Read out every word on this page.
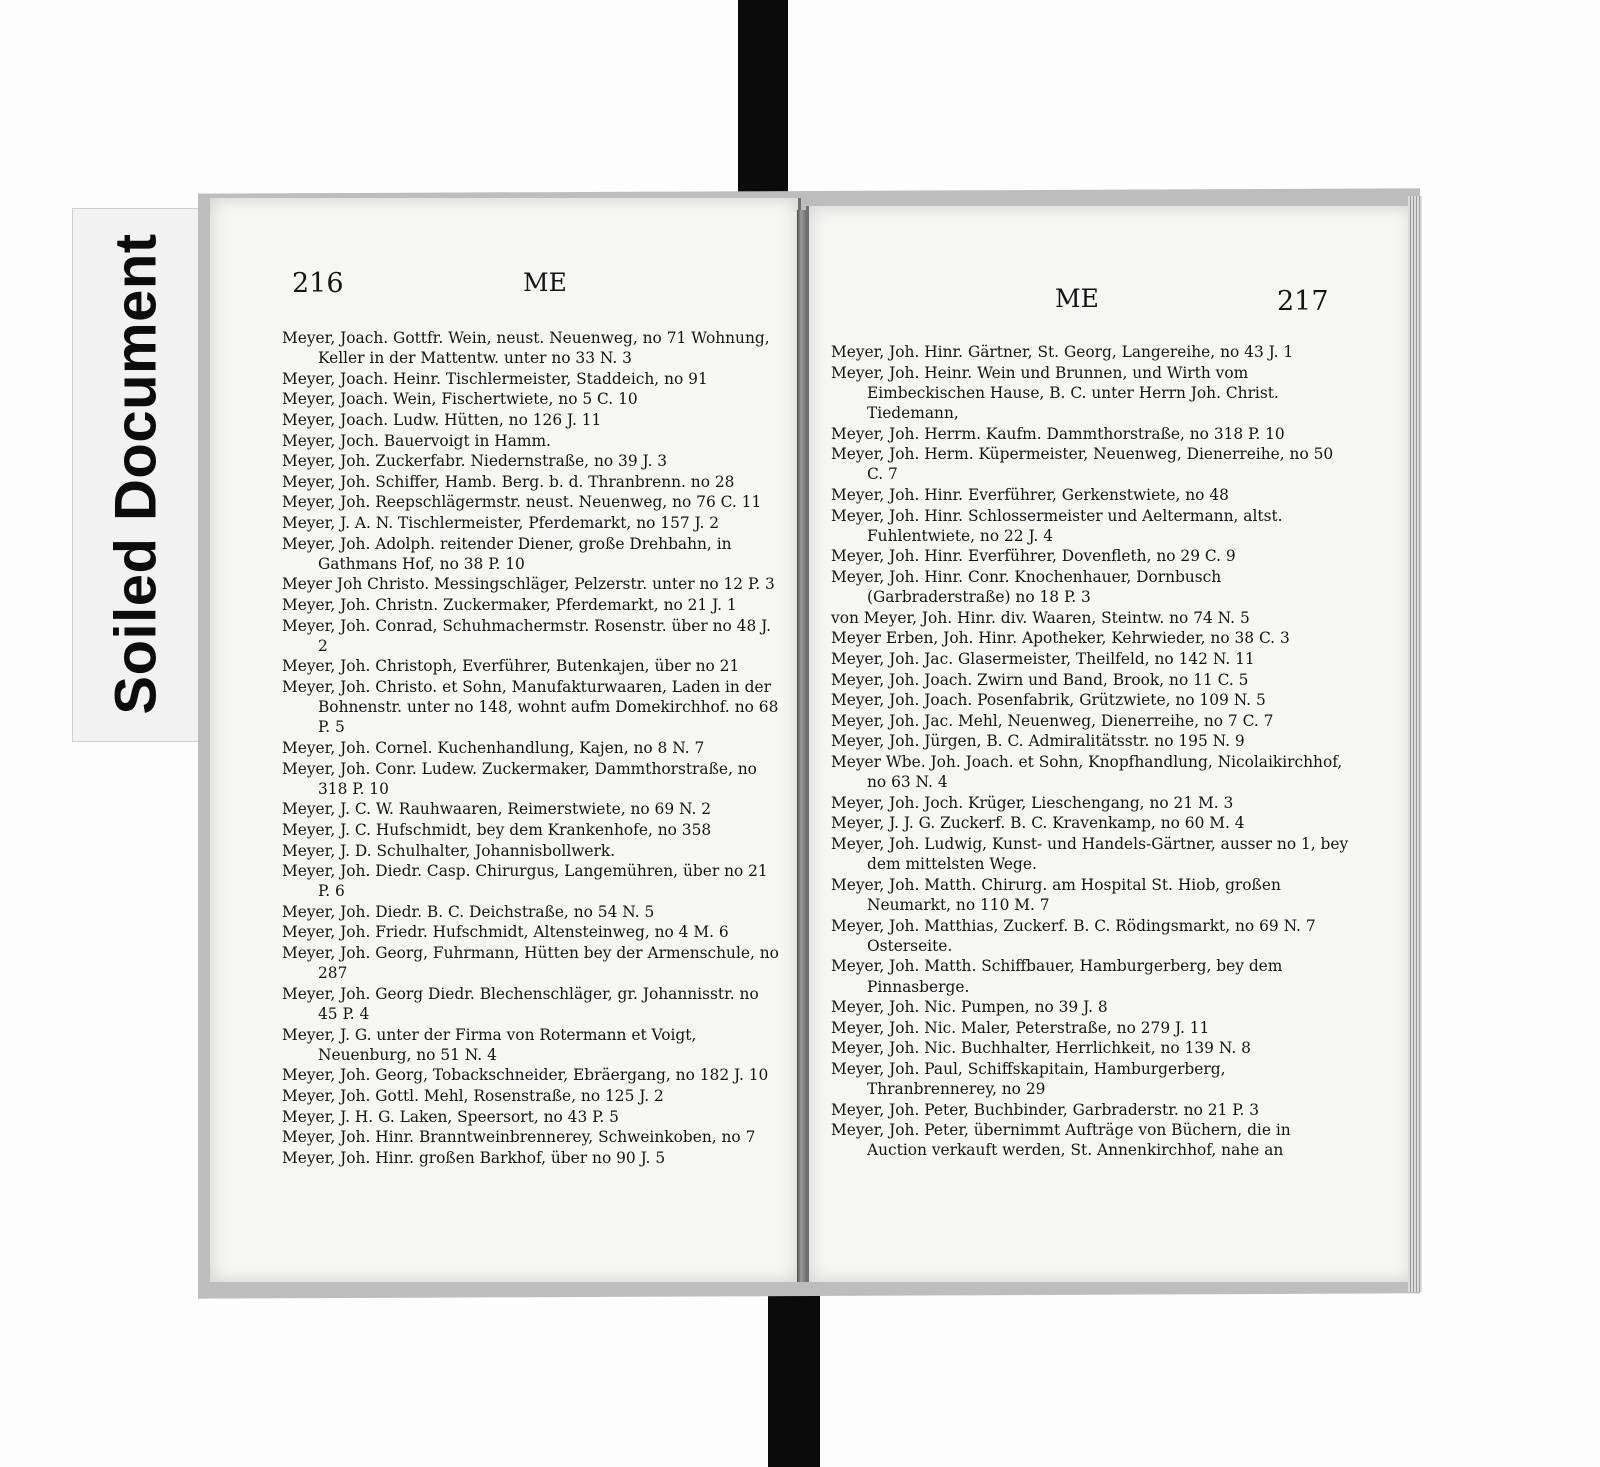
Soiled Document	216	ME
Meyer, Joach. Gottfr. Wein, neust. Neuenweg, no 71 Wohnung, Keller in der Mattentw. unter no 33 N. 3
Meyer, Joach. Heinr. Tischlermeister, Staddeich, no 91
Meyer, Joach. Wein, Fischertwiete, no 5 C. 10
Meyer, Joach. Ludw. Hütten, no 126 J. 11
Meyer, Joch. Bauervoigt in Hamm.
Meyer, Joh. Zuckerfabr. Niedernstraße, no 39 J. 3
Meyer, Joh. Schiffer, Hamb. Berg. b. d. Thranbrenn. no 28
Meyer, Joh. Reepschlägermstr. neust. Neuenweg, no 76 C. 11
Meyer, J. A. N. Tischlermeister, Pferdemarkt, no 157 J. 2
Meyer, Joh. Adolph. reitender Diener, große Drehbahn, in Gathmans Hof, no 38 P. 10
Meyer Joh Christo. Messingschläger, Pelzerstr. unter no 12 P. 3
Meyer, Joh. Christn. Zuckermaker, Pferdemarkt, no 21 J. 1
Meyer, Joh. Conrad, Schuhmachermstr. Rosenstr. über no 48 J. 2
Meyer, Joh. Christoph, Everführer, Butenkajen, über no 21
Meyer, Joh. Christo. et Sohn, Manufakturwaaren, Laden in der Bohnenstr. unter no 148, wohnt aufm Domekirchhof. no 68 P. 5
Meyer, Joh. Cornel. Kuchenhandlung, Kajen, no 8 N. 7
Meyer, Joh. Conr. Ludew. Zuckermaker, Dammthorstraße, no 318 P. 10
Meyer, J. C. W. Rauhwaaren, Reimerstwiete, no 69 N. 2
Meyer, J. C. Hufschmidt, bey dem Krankenhofe, no 358
Meyer, J. D. Schulhalter, Johannisbollwerk.
Meyer, Joh. Diedr. Casp. Chirurgus, Langemühren, über no 21 P. 6
Meyer, Joh. Diedr. B. C. Deichstraße, no 54 N. 5
Meyer, Joh. Friedr. Hufschmidt, Altensteinweg, no 4 M. 6
Meyer, Joh. Georg, Fuhrmann, Hütten bey der Armenschule, no 287
Meyer, Joh. Georg Diedr. Blechenschläger, gr. Johannisstr. no 45 P. 4
Meyer, J. G. unter der Firma von Rotermann et Voigt, Neuenburg, no 51 N. 4
Meyer, Joh. Georg, Tobackschneider, Ebräergang, no 182 J. 10
Meyer, Joh. Gottl. Mehl, Rosenstraße, no 125 J. 2
Meyer, J. H. G. Laken, Speersort, no 43 P. 5
Meyer, Joh. Hinr. Branntweinbrennerey, Schweinkoben, no 7
Meyer, Joh. Hinr. großen Barkhof, über no 90 J. 5
ME	217
Meyer, Joh. Hinr. Gärtner, St. Georg, Langereihe, no 43 J. 1
Meyer, Joh. Heinr. Wein und Brunnen, und Wirth vom Eimbeckischen Hause, B. C. unter Herrn Joh. Christ. Tiedemann,
Meyer, Joh. Herrm. Kaufm. Dammthorstraße, no 318 P. 10
Meyer, Joh. Herm. Küpermeister, Neuenweg, Dienerreihe, no 50 C. 7
Meyer, Joh. Hinr. Everführer, Gerkenstwiete, no 48
Meyer, Joh. Hinr. Schlossermeister und Aeltermann, altst. Fuhlentwiete, no 22 J. 4
Meyer, Joh. Hinr. Everführer, Dovenfleth, no 29 C. 9
Meyer, Joh. Hinr. Conr. Knochenhauer, Dornbusch (Garbraderstraße) no 18 P. 3
von Meyer, Joh. Hinr. div. Waaren, Steintw. no 74 N. 5
Meyer Erben, Joh. Hinr. Apotheker, Kehrwieder, no 38 C. 3
Meyer, Joh. Jac. Glasermeister, Theilfeld, no 142 N. 11
Meyer, Joh. Joach. Zwirn und Band, Brook, no 11 C. 5
Meyer, Joh. Joach. Posenfabrik, Grützwiete, no 109 N. 5
Meyer, Joh. Jac. Mehl, Neuenweg, Dienerreihe, no 7 C. 7
Meyer, Joh. Jürgen, B. C. Admiralitätsstr. no 195 N. 9
Meyer Wbe. Joh. Joach. et Sohn, Knopfhandlung, Nicolaikirchhof, no 63 N. 4
Meyer, Joh. Joch. Krüger, Lieschengang, no 21 M. 3
Meyer, J. J. G. Zuckerf. B. C. Kravenkamp, no 60 M. 4
Meyer, Joh. Ludwig, Kunst- und Handels-Gärtner, ausser no 1, bey dem mittelsten Wege.
Meyer, Joh. Matth. Chirurg. am Hospital St. Hiob, großen Neumarkt, no 110 M. 7
Meyer, Joh. Matthias, Zuckerf. B. C. Rödingsmarkt, no 69 N. 7 Osterseite.
Meyer, Joh. Matth. Schiffbauer, Hamburgerberg, bey dem Pinnasberge.
Meyer, Joh. Nic. Pumpen, no 39 J. 8
Meyer, Joh. Nic. Maler, Peterstraße, no 279 J. 11
Meyer, Joh. Nic. Buchhalter, Herrlichkeit, no 139 N. 8
Meyer, Joh. Paul, Schiffskapitain, Hamburgerberg, Thranbrennerey, no 29
Meyer, Joh. Peter, Buchbinder, Garbraderstr. no 21 P. 3
Meyer, Joh. Peter, übernimmt Aufträge von Büchern, die in Auction verkauft werden, St. Annenkirchhof, nahe an
